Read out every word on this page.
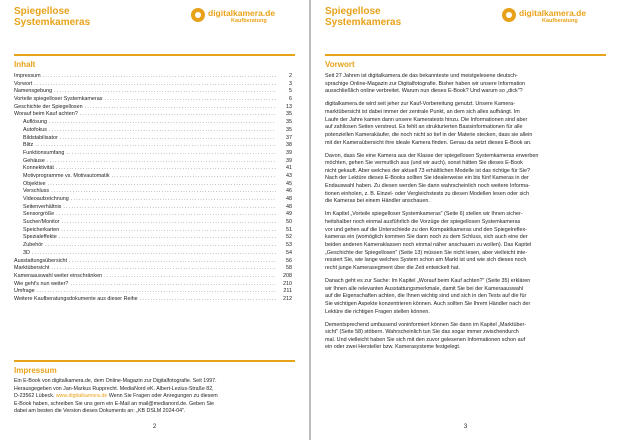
Spiegellose
Systemkameras
digitalkamera.de
Kaufberatung
Inhalt
Impressum .....	2
Vorwort .....	3
Namensgebung .....	5
Vorteile spiegelloser Systemkameras .....	6
Geschichte der Spiegellosen .....	13
Worauf beim Kauf achten? .....	35
Auflösung .....	35
Autofokus .....	35
Bildstabilisator .....	37
Blitz .....	38
Funktionsumfang .....	39
Gehäuse .....	39
Konnektivität .....	41
Motivprogramme vs. Motivautomatik .....	43
Objektive .....	45
Verschluss .....	46
Videoaufzeichnung .....	48
Seitenverhältnis .....	48
Sensorgröße .....	49
Sucher/Monitor .....	50
Speicherkarten .....	51
Spezialeffekte .....	52
Zubehör .....	53
3D .....	54
Ausstattungsübersicht .....	56
Marktübersicht .....	58
Kameraauswahl weiter einschränken .....	208
Wie geht's nun weiter? .....	210
Umfrage .....	211
Weitere Kaufberatungsdokumente aus dieser Reihe .....	212
Impressum
Ein E-Book von digitalkamera.de, dem Online-Magazin zur Digitalfotografie. Seit 1997.
Herausgegeben von Jan-Markus Rupprecht. MediaNord eK. Albert-Lezius-Straße 82,
D-23562 Lübeck. www.digitalkamera.de Wenn Sie Fragen oder Anregungen zu diesem
E-Book haben, schreiben Sie uns gern ein E-Mail an mail@medianord.de. Geben Sie
dabei am besten die Version dieses Dokuments an: „KB DSLM 2024-04".
2
Spiegellose
Systemkameras
digitalkamera.de
Kaufberatung
Vorwort

Seit 27 Jahren ist digitalkamera.de das bekannteste und meistgelesene deutsch-
sprachige Online-Magazin zur Digitalfotografie. Bisher haben wir unsere Information
ausschließlich online verbreitet. Warum nun dieses E-Book? Und warum so „dick"?

digitalkamera.de wird seit jeher zur Kauf-Vorbereitung genutzt. Unsere Kamera-
marktübersicht ist dabei immer der zentrale Punkt, an dem sich alles aufhängt. Im
Laufe der Jahre kamen dann unsere Kameratests hinzu. Die Informationen sind aber
auf zahllosen Seiten verstreut. Es fehlt an strukturierten Basisinformationen für alle
potenziellen Kamerakäufer, die noch nicht so tief in der Materie stecken, dass sie allein
mit der Kameraübersicht ihre ideale Kamera finden. Genau da setzt dieses E-Book an.

Davon, dass Sie eine Kamera aus der Klasse der spiegellosen Systemkameras erwerben
möchten, gehen Sie vermutlich aus (und wir auch), sonst hätten Sie dieses E-Book
nicht gekauft. Aber welches der aktuell 73 erhältlichen Modelle ist das richtige für Sie?
Nach der Lektüre dieses E-Books sollten Sie idealerweise ein bis fünf Kameras in der
Endauswahl haben. Zu diesen werden Sie dann wahrscheinlich noch weitere Informa-
tionen einholen, z. B. Einzel- oder Vergleichstests zu diesen Modellen lesen oder sich
die Kameras bei einem Händler anschauen.

Im Kapitel „Vorteile spiegelloser Systemkameras" (Seite 6) stellen wir Ihnen sicher-
heitshalber noch einmal ausführlich die Vorzüge der spiegellosen Systemkameras
vor und gehen auf die Unterschiede zu den Kompaktkameras und den Spiegelreflex-
kameras ein (womöglich kommen Sie dann noch zu dem Schluss, sich auch eine der
beiden anderen Kameraklassen noch einmal näher anschauen zu wollen). Das Kapitel
„Geschichte der Spiegellosen" (Seite 13) müssen Sie nicht lesen, aber vielleicht inte-
ressiert Sie, wie lange welches System schon am Markt ist und wie sich dieses noch
recht junge Kamerasegment über die Zeit entwickelt hat.

Danach geht es zur Sache: Im Kapitel „Worauf beim Kauf achten?" (Seite 35) erklären
wir Ihnen alle relevanten Ausstattungsmerkmale, damit Sie bei der Kameraauswahl
auf die Eigenschaften achten, die Ihnen wichtig sind und sich in den Tests auf die für
Sie wichtigen Aspekte konzentrieren können. Auch sollten Sie Ihrem Händler nach der
Lektüre die richtigen Fragen stellen können.

Dementsprechend umfassend voninformiert können Sie dann im Kapitel „Marktüber-
sicht" (Seite 58) stöbern. Wahrscheinlich tun Sie das sogar immer zwischendurch
mal. Und vielleicht haben Sie sich mit den zuvor gelesenen Informationen schon auf
ein oder zwei Hersteller bzw. Kamerasysteme festgelegt.

3
